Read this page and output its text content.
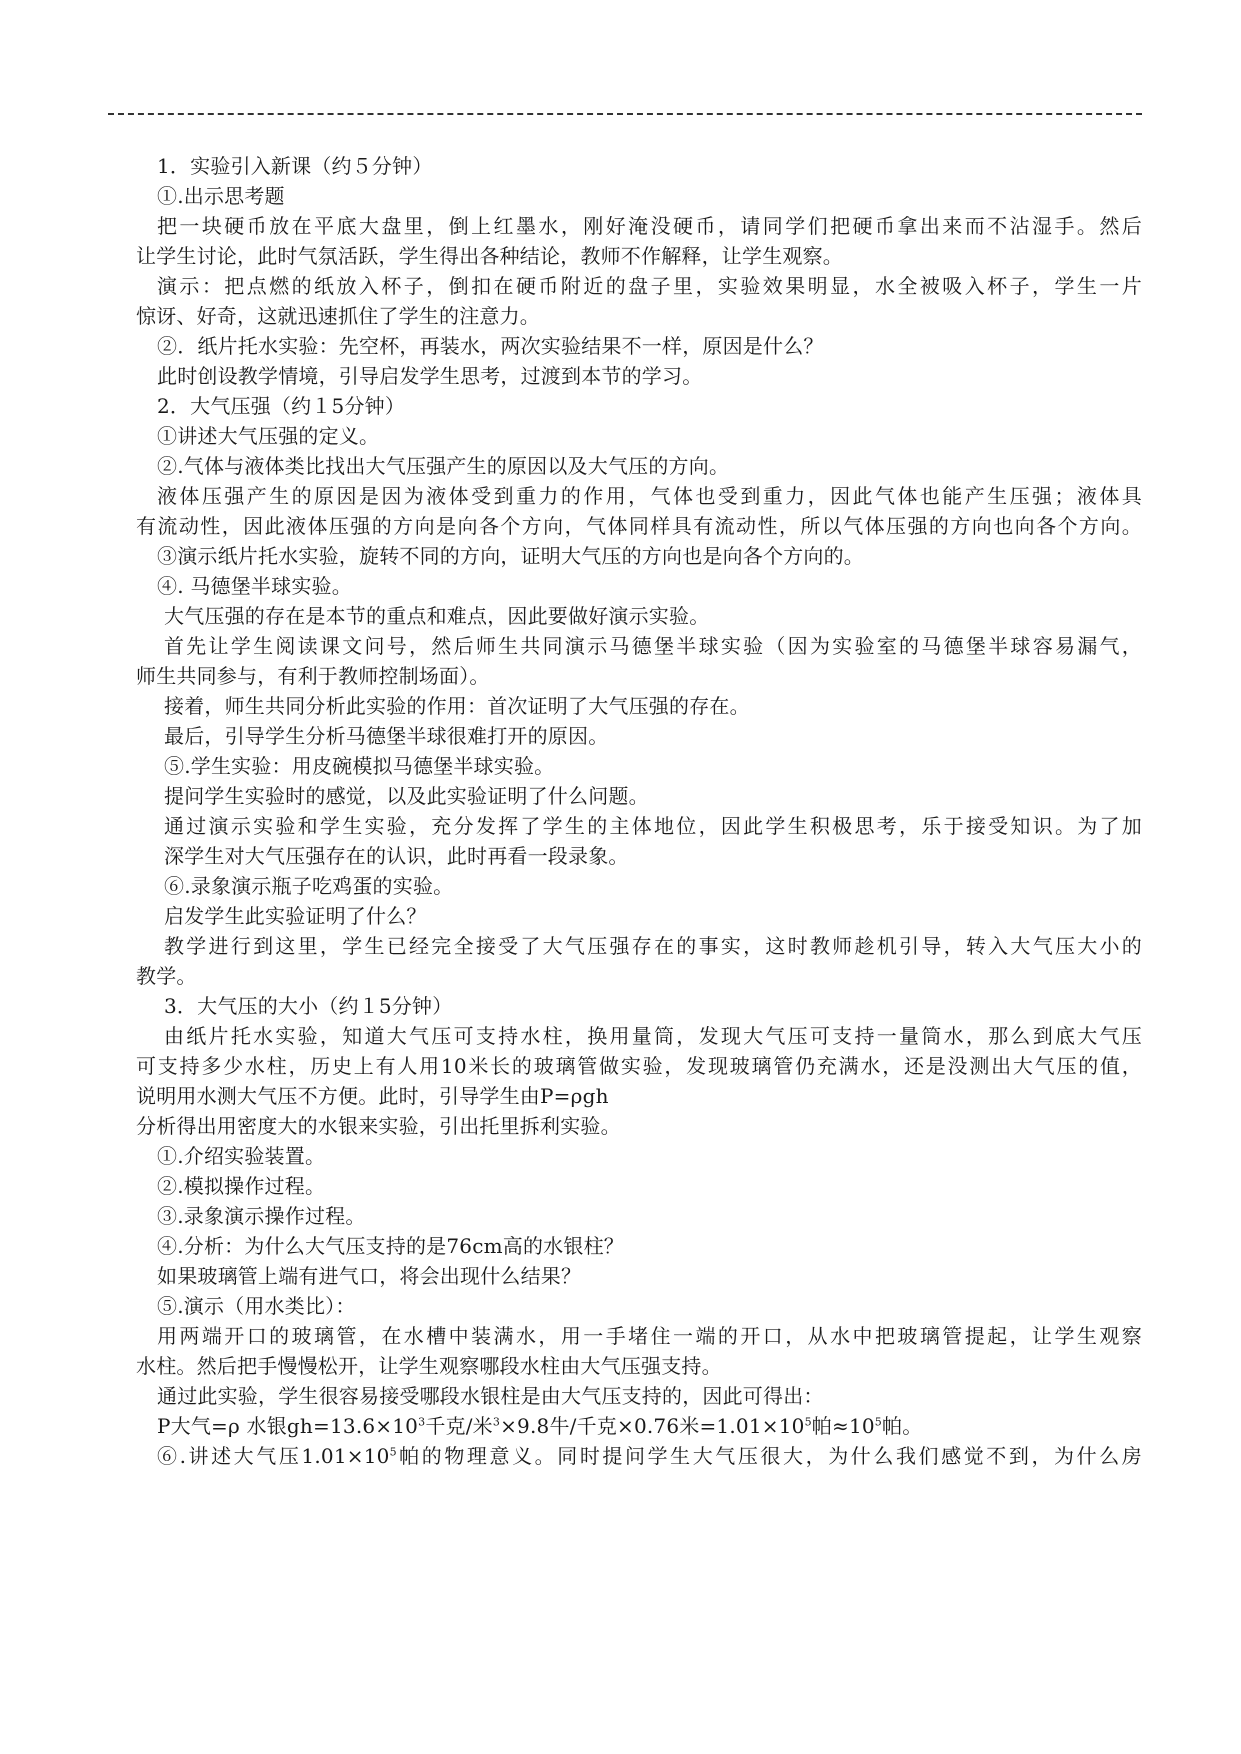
1．实验引入新课（约５分钟）
①.出示思考题
把一块硬币放在平底大盘里，倒上红墨水，刚好淹没硬币，请同学们把硬币拿出来而不沾湿手。然后
让学生讨论，此时气氛活跃，学生得出各种结论，教师不作解释，让学生观察。
演示：把点燃的纸放入杯子，倒扣在硬币附近的盘子里，实验效果明显，水全被吸入杯子，学生一片
惊讶、好奇，这就迅速抓住了学生的注意力。
②．纸片托水实验：先空杯，再装水，两次实验结果不一样，原因是什么？
此时创设教学情境，引导启发学生思考，过渡到本节的学习。
2．大气压强（约１5分钟）
①讲述大气压强的定义。
②.气体与液体类比找出大气压强产生的原因以及大气压的方向。
液体压强产生的原因是因为液体受到重力的作用，气体也受到重力，因此气体也能产生压强；液体具
有流动性，因此液体压强的方向是向各个方向，气体同样具有流动性，所以气体压强的方向也向各个方向。
③演示纸片托水实验，旋转不同的方向，证明大气压的方向也是向各个方向的。
④. 马德堡半球实验。
大气压强的存在是本节的重点和难点，因此要做好演示实验。
首先让学生阅读课文问号，然后师生共同演示马德堡半球实验（因为实验室的马德堡半球容易漏气，
师生共同参与，有利于教师控制场面）。
接着，师生共同分析此实验的作用：首次证明了大气压强的存在。
最后，引导学生分析马德堡半球很难打开的原因。
⑤.学生实验：用皮碗模拟马德堡半球实验。
提问学生实验时的感觉，以及此实验证明了什么问题。
通过演示实验和学生实验，充分发挥了学生的主体地位，因此学生积极思考，乐于接受知识。为了加
深学生对大气压强存在的认识，此时再看一段录象。
⑥.录象演示瓶子吃鸡蛋的实验。
启发学生此实验证明了什么？
教学进行到这里，学生已经完全接受了大气压强存在的事实，这时教师趁机引导，转入大气压大小的
教学。
3．大气压的大小（约１5分钟）
由纸片托水实验，知道大气压可支持水柱，换用量筒，发现大气压可支持一量筒水，那么到底大气压
可支持多少水柱，历史上有人用10米长的玻璃管做实验，发现玻璃管仍充满水，还是没测出大气压的值，
说明用水测大气压不方便。此时，引导学生由P=ρgh
分析得出用密度大的水银来实验，引出托里拆利实验。
①.介绍实验装置。
②.模拟操作过程。
③.录象演示操作过程。
④.分析：为什么大气压支持的是76cm高的水银柱？
如果玻璃管上端有进气口，将会出现什么结果？
⑤.演示（用水类比）：
用两端开口的玻璃管，在水槽中装满水，用一手堵住一端的开口，从水中把玻璃管提起，让学生观察
水柱。然后把手慢慢松开，让学生观察哪段水柱由大气压强支持。
通过此实验，学生很容易接受哪段水银柱是由大气压支持的，因此可得出：
P大气=ρ 水银$gh=13.6\times 10^3$千克/米$^3$×9.8牛/千克×0.76米$=1.01\times 10^5$帕$\approx 10^5$帕。
⑥.讲述大气压$1.01\times 10^5$帕的物理意义。同时提问学生大气压很大，为什么我们感觉不到，为什么房
